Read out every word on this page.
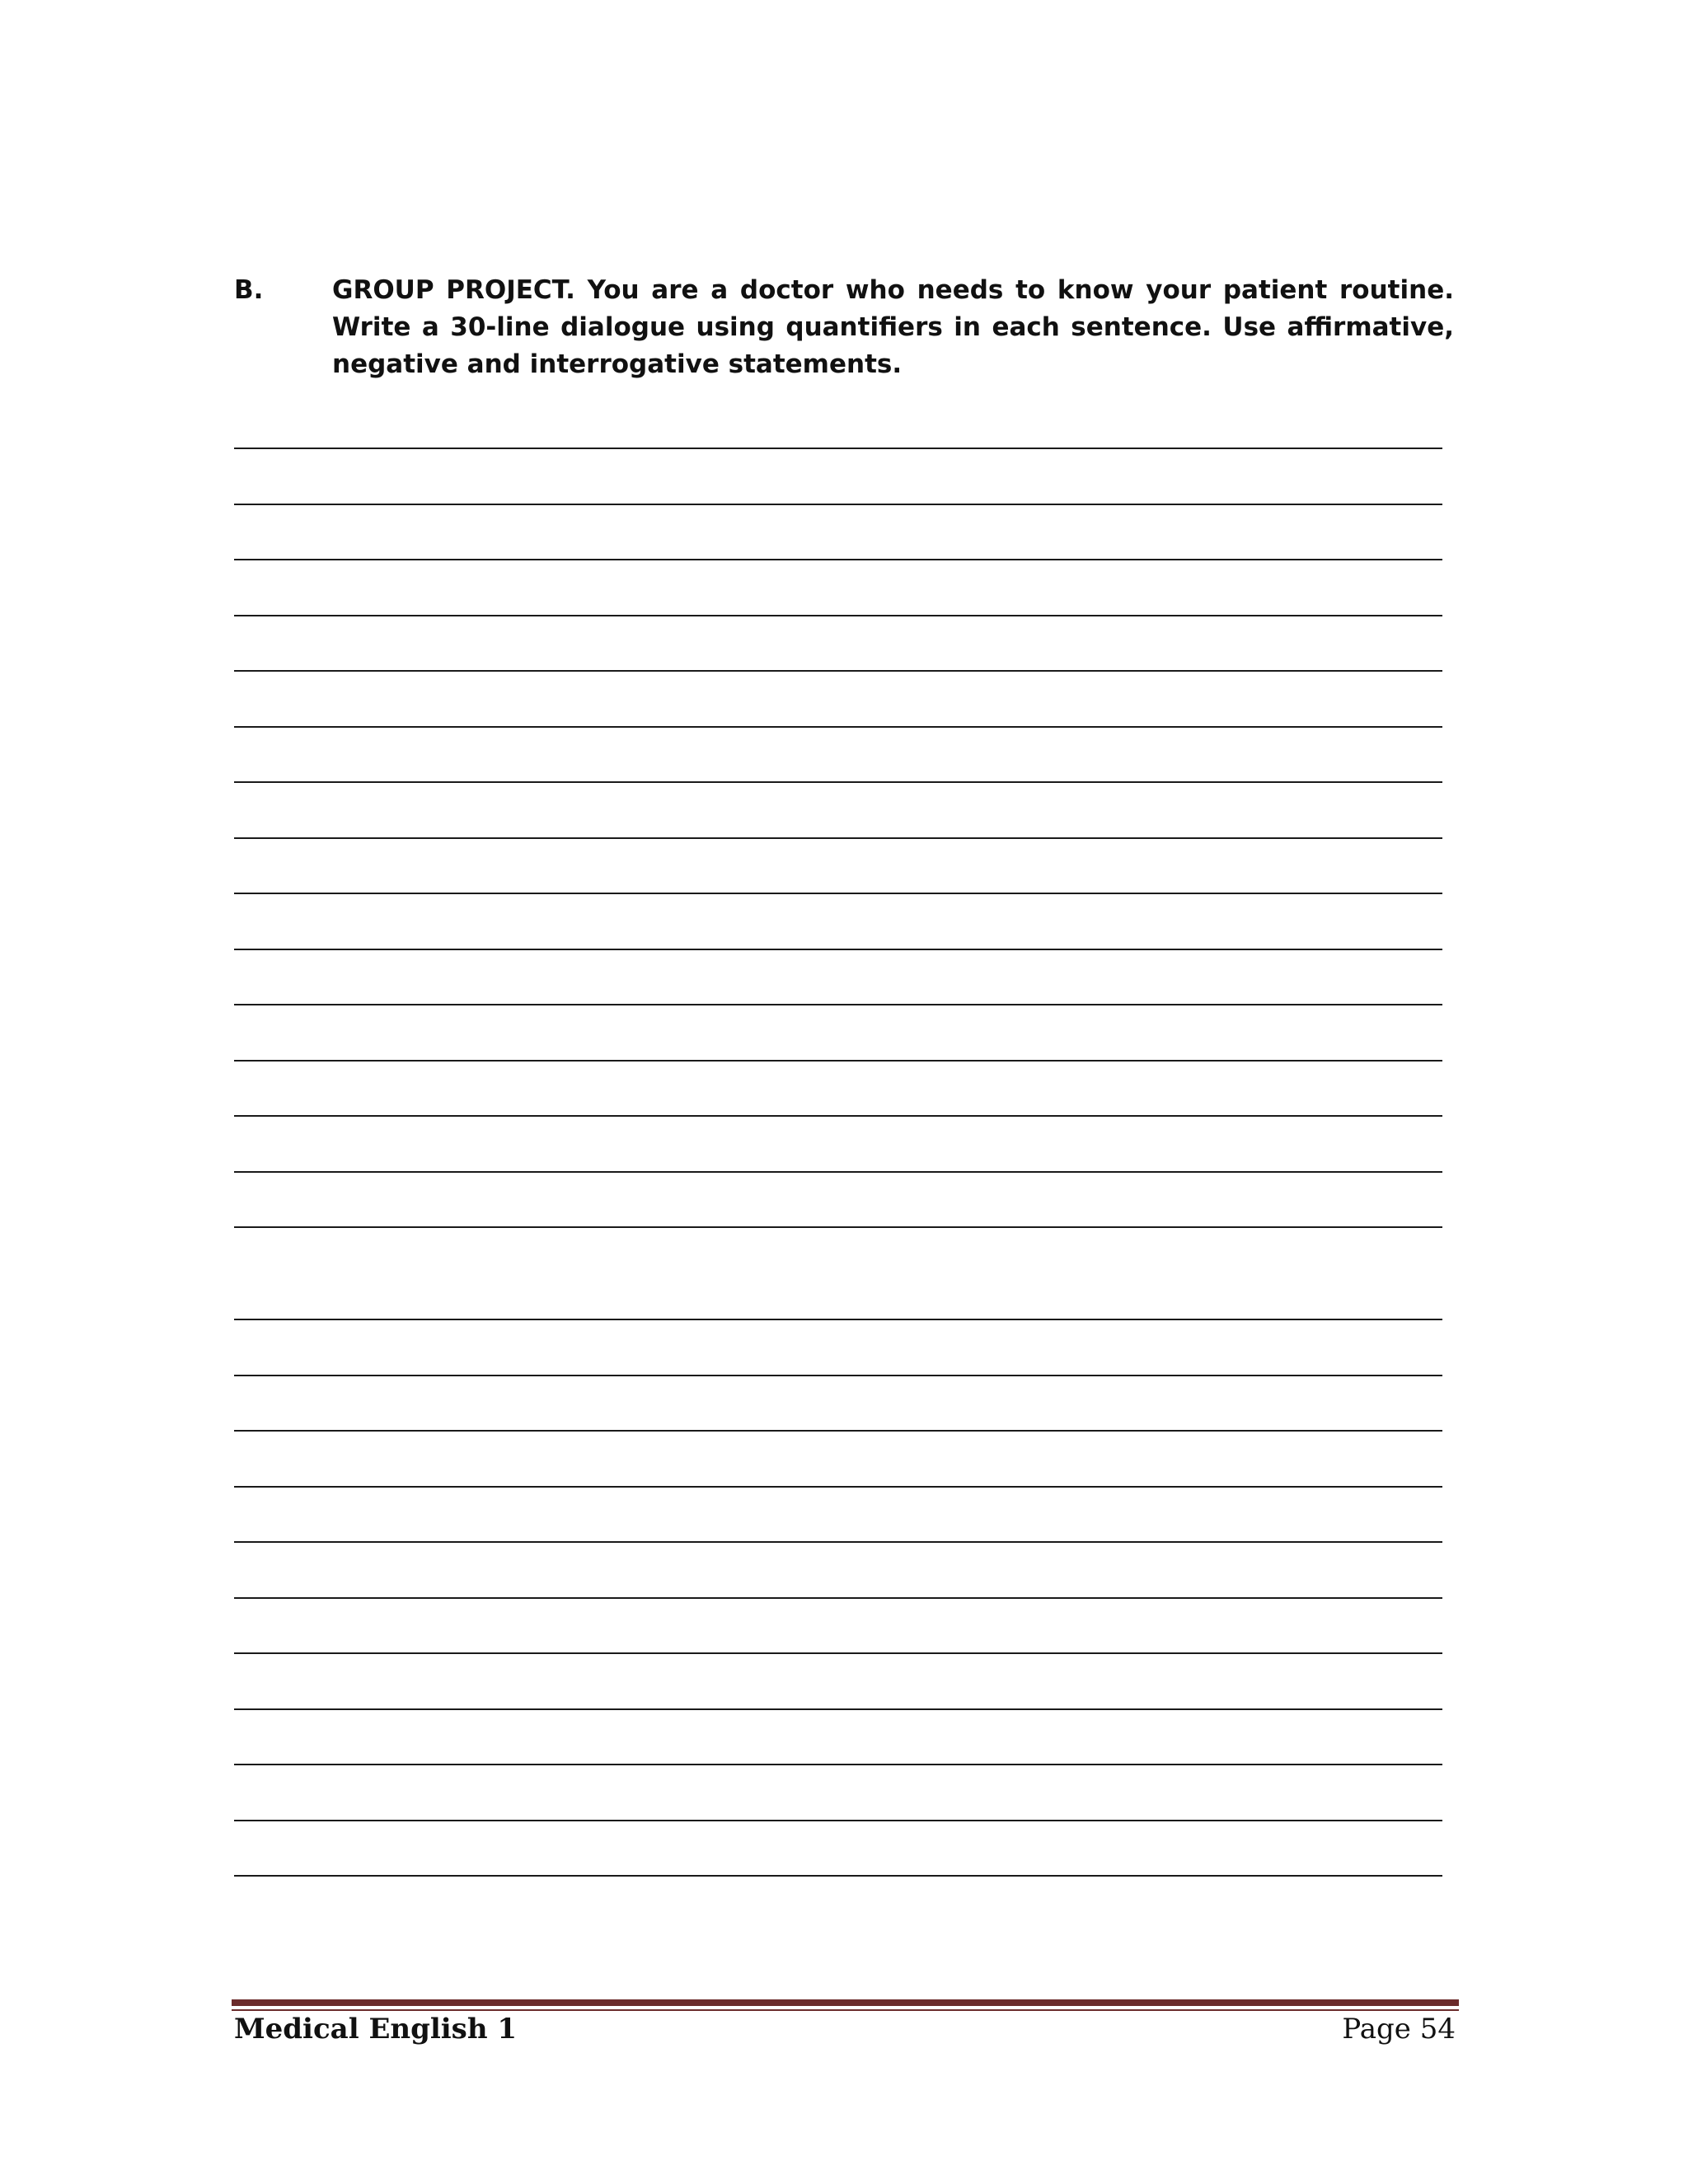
B.	GROUP PROJECT. You are a doctor who needs to know your patient routine. Write a 30-line dialogue using quantifiers in each sentence. Use affirmative, negative and interrogative statements.
Medical English 1	Page 54
